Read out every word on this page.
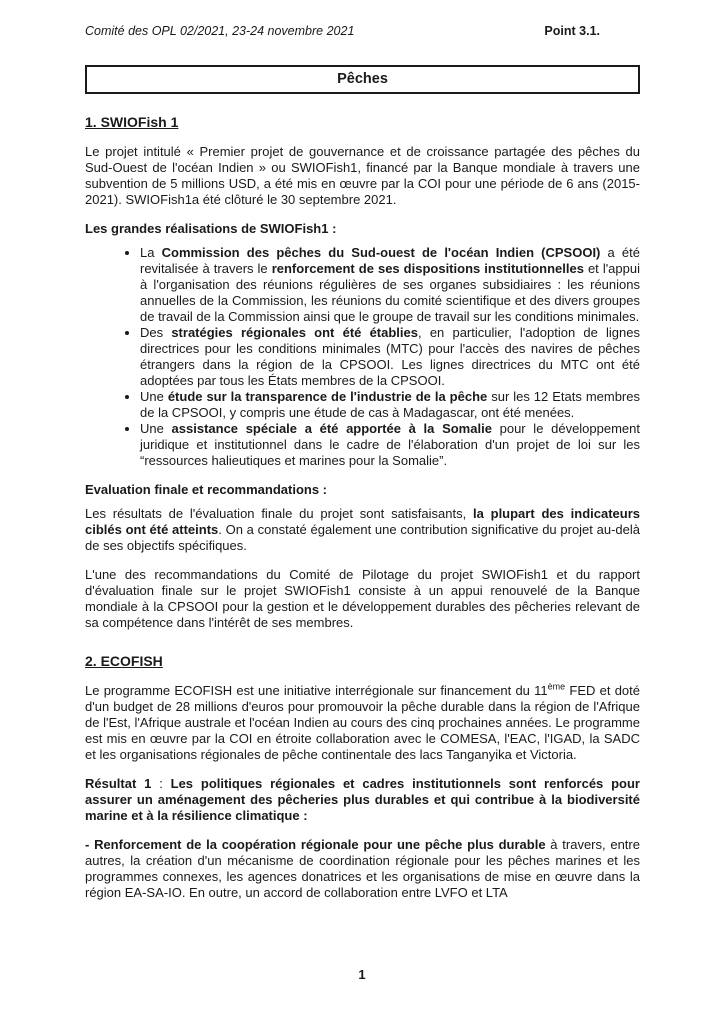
Comité des OPL 02/2021, 23-24 novembre 2021	Point 3.1.
Pêches
1. SWIOFish 1

Le projet intitulé « Premier projet de gouvernance et de croissance partagée des pêches du Sud-Ouest de l'océan Indien » ou SWIOFish1, financé par la Banque mondiale à travers une subvention de 5 millions USD, a été mis en œuvre par la COI pour une période de 6 ans (2015-2021). SWIOFish1a été clôturé le 30 septembre 2021.

Les grandes réalisations de SWIOFish1 :

• La Commission des pêches du Sud-ouest de l'océan Indien (CPSOOI) a été revitalisée à travers le renforcement de ses dispositions institutionnelles et l'appui à l'organisation des réunions régulières de ses organes subsidiaires : les réunions annuelles de la Commission, les réunions du comité scientifique et des divers groupes de travail de la Commission ainsi que le groupe de travail sur les conditions minimales.
• Des stratégies régionales ont été établies, en particulier, l'adoption de lignes directrices pour les conditions minimales (MTC) pour l'accès des navires de pêches étrangers dans la région de la CPSOOI. Les lignes directrices du MTC ont été adoptées par tous les États membres de la CPSOOI.
• Une étude sur la transparence de l'industrie de la pêche sur les 12 Etats membres de la CPSOOI, y compris une étude de cas à Madagascar, ont été menées.
• Une assistance spéciale a été apportée à la Somalie pour le développement juridique et institutionnel dans le cadre de l'élaboration d'un projet de loi sur les “ressources halieutiques et marines pour la Somalie”.

Evaluation finale et recommandations :

Les résultats de l'évaluation finale du projet sont satisfaisants, la plupart des indicateurs ciblés ont été atteints. On a constaté également une contribution significative du projet au-delà de ses objectifs spécifiques.

L'une des recommandations du Comité de Pilotage du projet SWIOFish1 et du rapport d'évaluation finale sur le projet SWIOFish1 consiste à un appui renouvelé de la Banque mondiale à la CPSOOI pour la gestion et le développement durables des pêcheries relevant de sa compétence dans l'intérêt de ses membres.

2. ECOFISH

Le programme ECOFISH est une initiative interrégionale sur financement du 11ème FED et doté d'un budget de 28 millions d'euros pour promouvoir la pêche durable dans la région de l'Afrique de l'Est, l'Afrique australe et l'océan Indien au cours des cinq prochaines années. Le programme est mis en œuvre par la COI en étroite collaboration avec le COMESA, l'EAC, l'IGAD, la SADC et les organisations régionales de pêche continentale des lacs Tanganyika et Victoria.

Résultat 1 : Les politiques régionales et cadres institutionnels sont renforcés pour assurer un aménagement des pêcheries plus durables et qui contribue à la biodiversité marine et à la résilience climatique :

- Renforcement de la coopération régionale pour une pêche plus durable à travers, entre autres, la création d'un mécanisme de coordination régionale pour les pêches marines et les programmes connexes, les agences donatrices et les organisations de mise en œuvre dans la région EA-SA-IO. En outre, un accord de collaboration entre LVFO et LTA

1
